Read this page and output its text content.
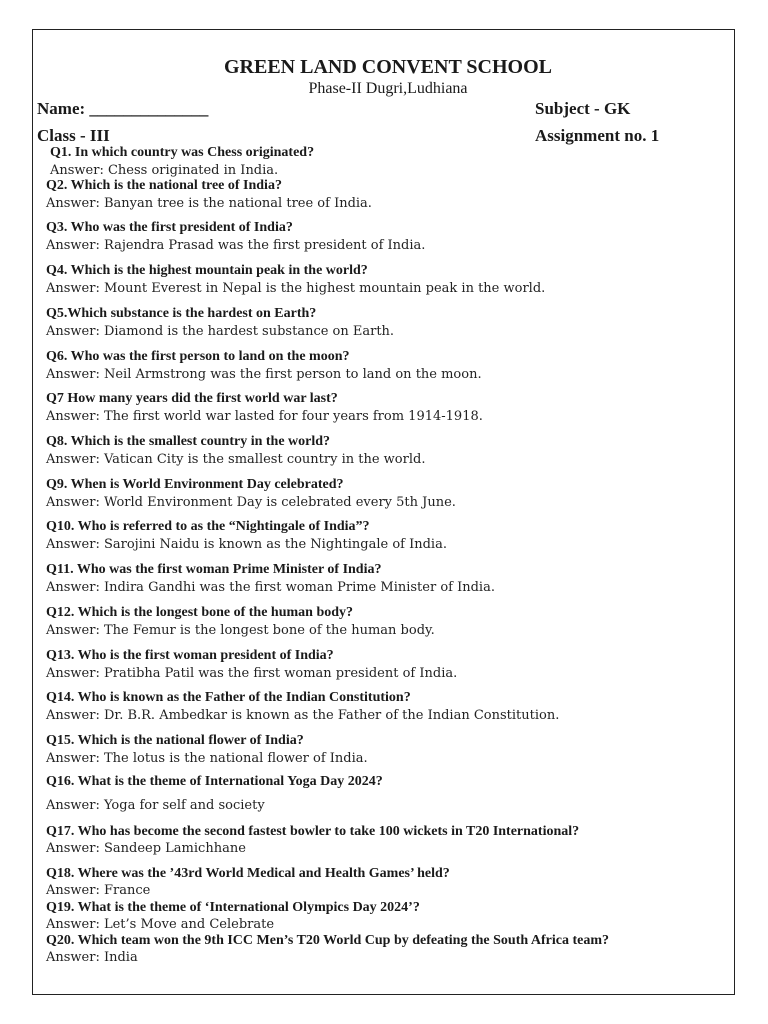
GREEN LAND CONVENT SCHOOL
Phase-II Dugri,Ludhiana
Name: ______________	Subject - GK
Class - III	Assignment no. 1
Q1. In which country was Chess originated?
Answer: Chess originated in India.
Q2. Which is the national tree of India?
Answer: Banyan tree is the national tree of India.
Q3. Who was the first president of India?
Answer: Rajendra Prasad was the first president of India.
Q4. Which is the highest mountain peak in the world?
Answer: Mount Everest in Nepal is the highest mountain peak in the world.
Q5.Which substance is the hardest on Earth?
Answer: Diamond is the hardest substance on Earth.
Q6. Who was the first person to land on the moon?
Answer: Neil Armstrong was the first person to land on the moon.
Q7 How many years did the first world war last?
Answer: The first world war lasted for four years from 1914-1918.
Q8. Which is the smallest country in the world?
Answer: Vatican City is the smallest country in the world.
Q9. When is World Environment Day celebrated?
Answer: World Environment Day is celebrated every 5th June.
Q10. Who is referred to as the “Nightingale of India”?
Answer: Sarojini Naidu is known as the Nightingale of India.
Q11. Who was the first woman Prime Minister of India?
Answer: Indira Gandhi was the first woman Prime Minister of India.
Q12. Which is the longest bone of the human body?
Answer: The Femur is the longest bone of the human body.
Q13. Who is the first woman president of India?
Answer: Pratibha Patil was the first woman president of India.
Q14. Who is known as the Father of the Indian Constitution?
Answer: Dr. B.R. Ambedkar is known as the Father of the Indian Constitution.
Q15. Which is the national flower of India?
Answer: The lotus is the national flower of India.
Q16. What is the theme of International Yoga Day 2024?
Answer: Yoga for self and society
Q17. Who has become the second fastest bowler to take 100 wickets in T20 International?
Answer: Sandeep Lamichhane
Q18. Where was the ’43rd World Medical and Health Games’ held?
Answer: France
Q19. What is the theme of ‘International Olympics Day 2024’?
Answer: Let’s Move and Celebrate
Q20. Which team won the 9th ICC Men’s T20 World Cup by defeating the South Africa team?
Answer: India
